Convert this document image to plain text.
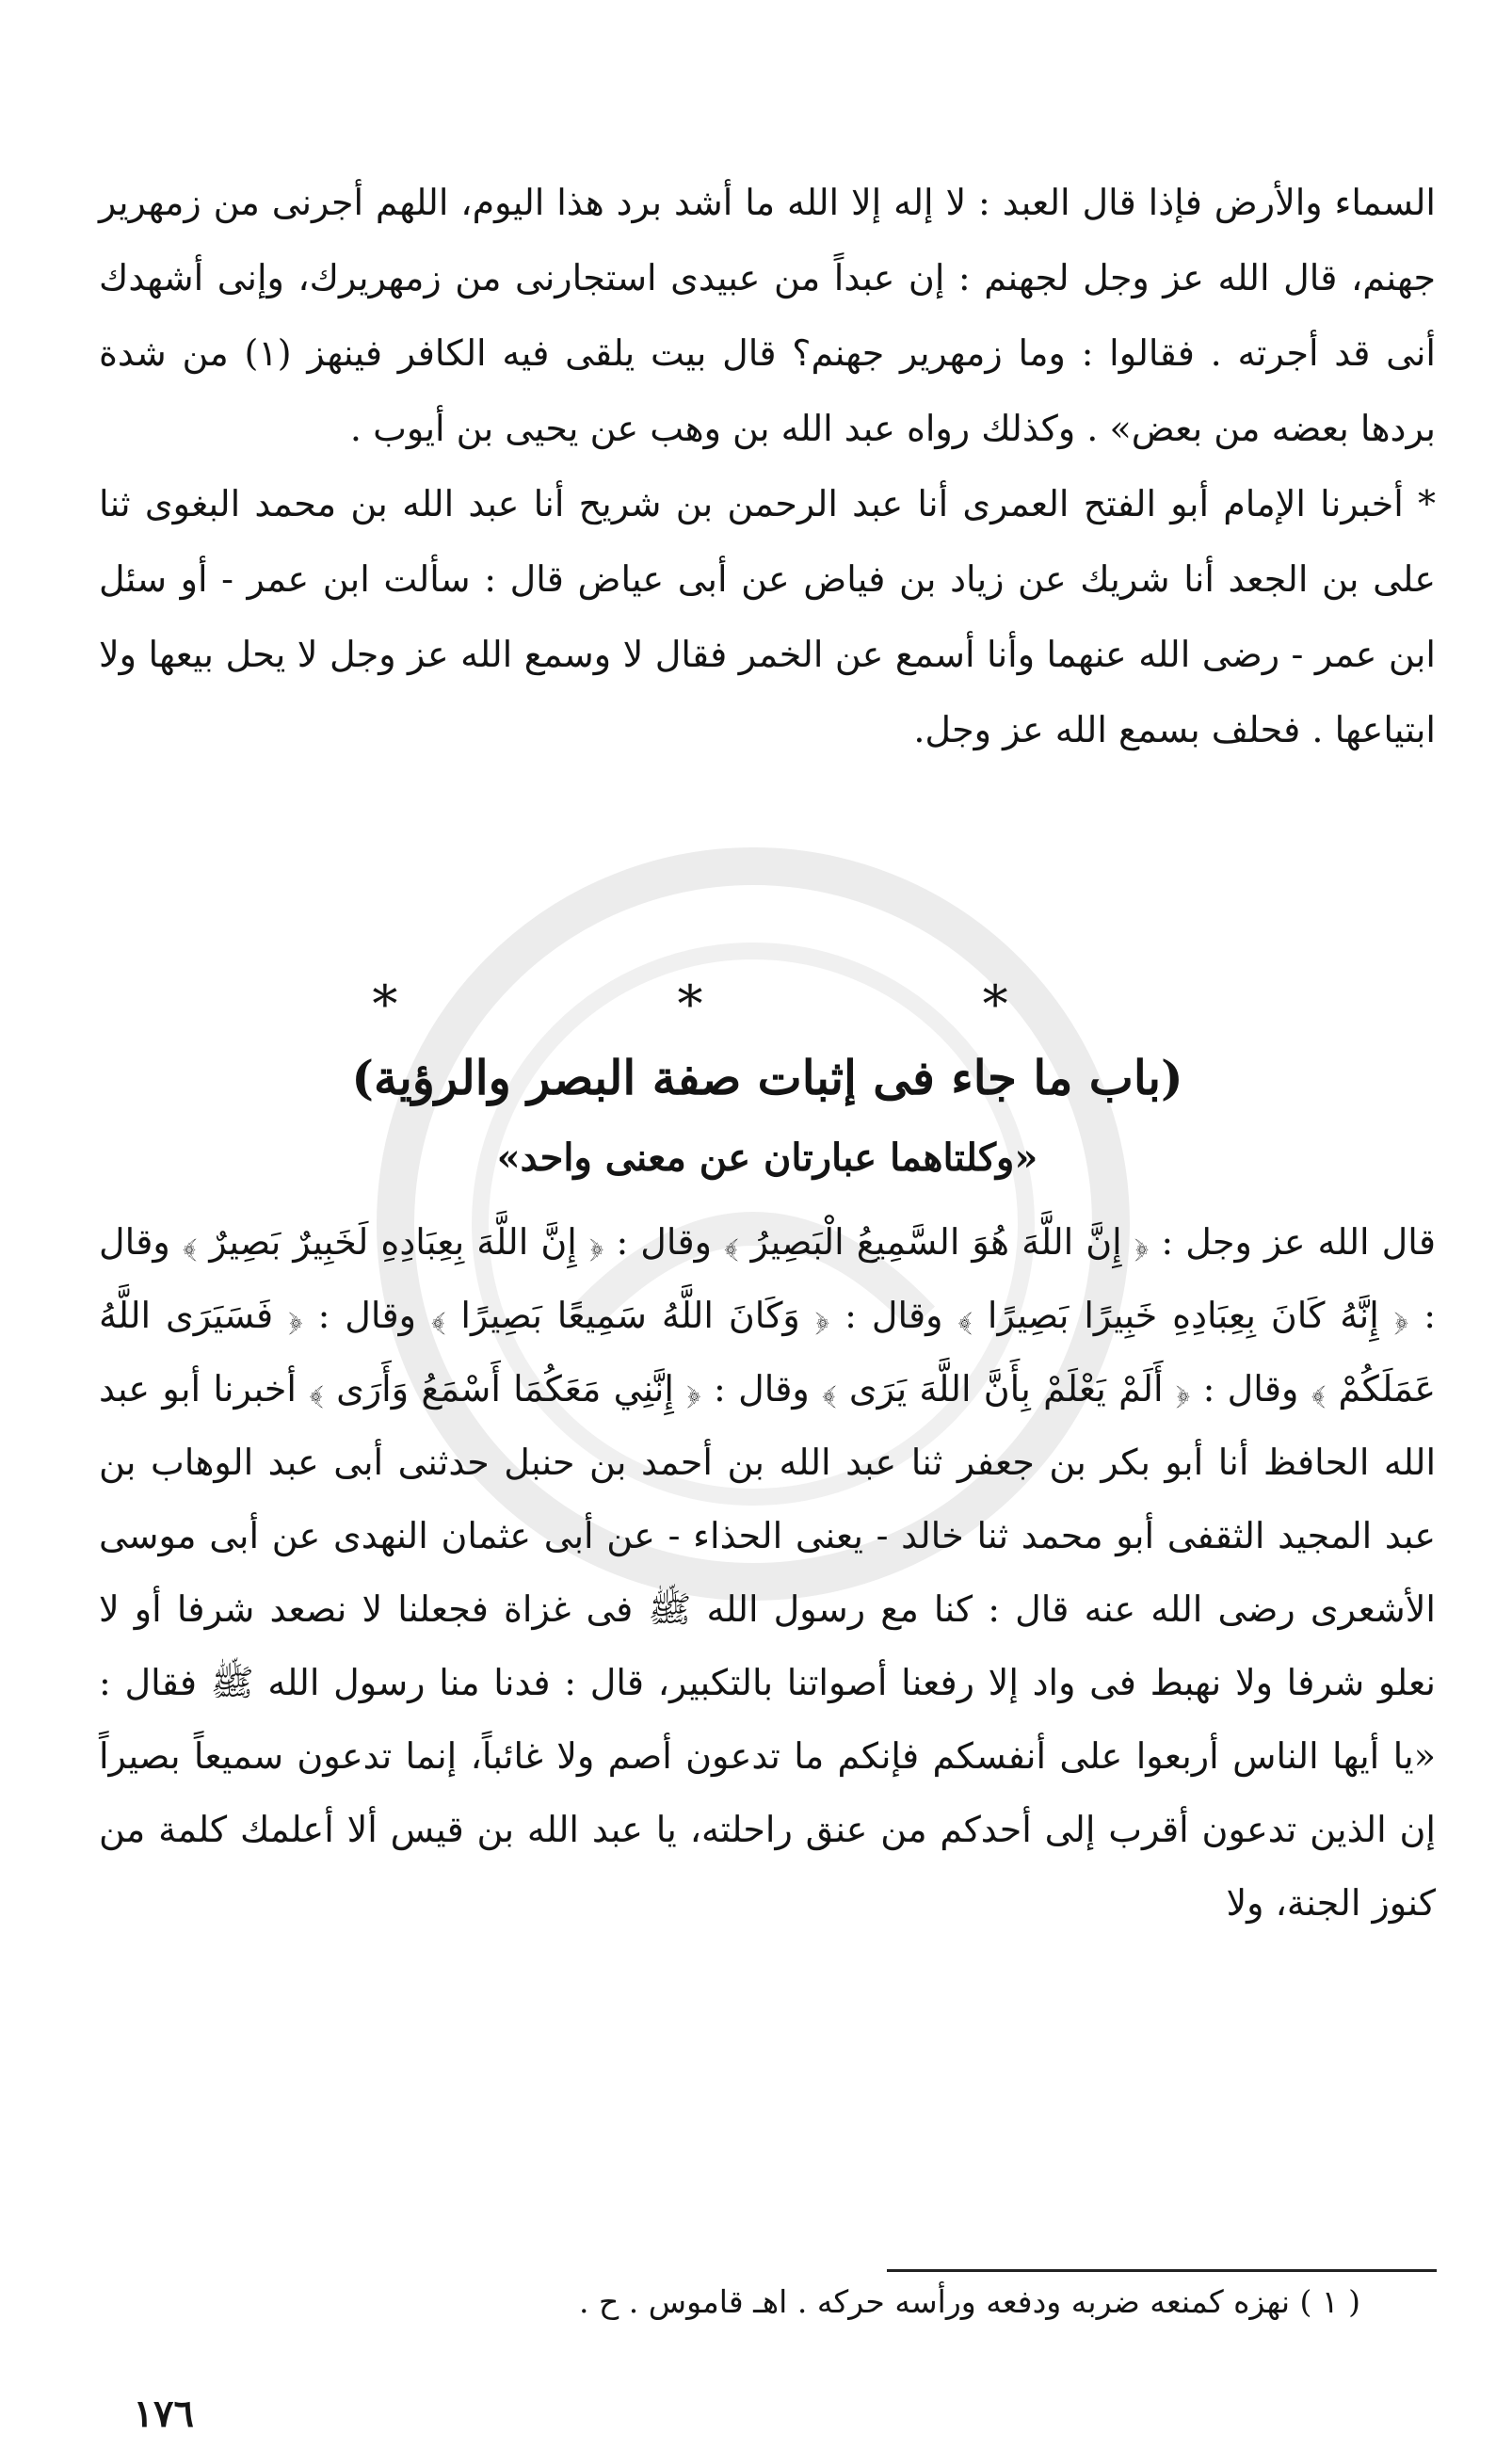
السماء والأرض فإذا قال العبد : لا إله إلا الله ما أشد برد هذا اليوم، اللهم أجرنى من زمهرير جهنم، قال الله عز وجل لجهنم : إن عبداً من عبيدى استجارنى من زمهريرك، وإنى أشهدك أنى قد أجرته . فقالوا : وما زمهرير جهنم؟ قال بيت يلقى فيه الكافر فينهز (١) من شدة بردها بعضه من بعض» . وكذلك رواه عبد الله بن وهب عن يحيى بن أيوب .

* أخبرنا الإمام أبو الفتح العمرى أنا عبد الرحمن بن شريح أنا عبد الله بن محمد البغوى ثنا على بن الجعد أنا شريك عن زياد بن فياض عن أبى عياض قال : سألت ابن عمر - أو سئل ابن عمر - رضى الله عنهما وأنا أسمع عن الخمر فقال لا وسمع الله عز وجل لا يحل بيعها ولا ابتياعها . فحلف بسمع الله عز وجل.

* * *
(باب ما جاء فى إثبات صفة البصر والرؤية)
«وكلتاهما عبارتان عن معنى واحد»

قال الله عز وجل : ﴿ إِنَّ اللَّهَ هُوَ السَّمِيعُ الْبَصِيرُ ﴾ وقال : ﴿ إِنَّ اللَّهَ بِعِبَادِهِ لَخَبِيرٌ بَصِيرٌ ﴾ وقال : ﴿ إِنَّهُ كَانَ بِعِبَادِهِ خَبِيرًا بَصِيرًا ﴾ وقال : ﴿ وَكَانَ اللَّهُ سَمِيعًا بَصِيرًا ﴾ وقال : ﴿ فَسَيَرَى اللَّهُ عَمَلَكُمْ ﴾ وقال : ﴿ أَلَمْ يَعْلَمْ بِأَنَّ اللَّهَ يَرَى ﴾ وقال : ﴿ إِنَّنِي مَعَكُمَا أَسْمَعُ وَأَرَى ﴾ أخبرنا أبو عبد الله الحافظ أنا أبو بكر بن جعفر ثنا عبد الله بن أحمد بن حنبل حدثنى أبى عبد الوهاب بن عبد المجيد الثقفى أبو محمد ثنا خالد - يعنى الحذاء - عن أبى عثمان النهدى عن أبى موسى الأشعرى رضى الله عنه قال : كنا مع رسول الله ﷺ فى غزاة فجعلنا لا نصعد شرفا أو لا نعلو شرفا ولا نهبط فى واد إلا رفعنا أصواتنا بالتكبير، قال : فدنا منا رسول الله ﷺ فقال : «يا أيها الناس أربعوا على أنفسكم فإنكم ما تدعون أصم ولا غائباً، إنما تدعون سميعاً بصيراً إن الذين تدعون أقرب إلى أحدكم من عنق راحلته، يا عبد الله بن قيس ألا أعلمك كلمة من كنوز الجنة، ولا

( ١ ) نهزه كمنعه ضربه ودفعه ورأسه حركه . اهـ قاموس . ح .
١٧٦
